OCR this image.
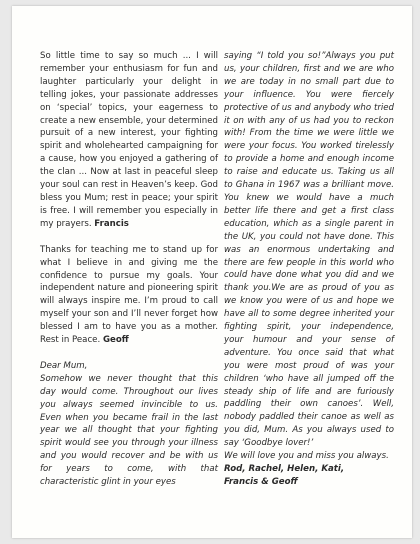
So little time to say so much ... I will remember your enthusiasm for fun and laughter particularly your delight in telling jokes, your passionate addresses on ‘special’ topics, your eagerness to create a new ensemble, your determined pursuit of a new interest, your fighting spirit and wholehearted campaigning for a cause, how you enjoyed a gathering of the clan ... Now at last in peaceful sleep your soul can rest in Heaven’s keep. God bless you Mum; rest in peace; your spirit is free. I will remember you especially in my prayers. Francis

Thanks for teaching me to stand up for what I believe in and giving me the confidence to pursue my goals. Your independent nature and pioneering spirit will always inspire me. I’m proud to call myself your son and I’ll never forget how blessed I am to have you as a mother. Rest in Peace. Geoff

Dear Mum,

Somehow we never thought that this day would come. Throughout our lives you always seemed invincible to us. Even when you became frail in the last year we all thought that your fighting spirit would see you through your illness and you would recover and be with us for years to come, with that characteristic glint in your eyes

saying “I told you so!”Always you put us, your children, first and we are who we are today in no small part due to your influence. You were fiercely protective of us and anybody who tried it on with any of us had you to reckon with! From the time we were little we were your focus. You worked tirelessly to provide a home and enough income to raise and educate us. Taking us all to Ghana in 1967 was a brilliant move. You knew we would have a much better life there and get a first class education, which as a single parent in the UK, you could not have done. This was an enormous undertaking and there are few people in this world who could have done what you did and we thank you.We are as proud of you as we know you were of us and hope we have all to some degree inherited your fighting spirit, your independence, your humour and your sense of adventure. You once said that what you were most proud of was your children ‘who have all jumped off the steady ship of life and are furiously paddling their own canoes’. Well, nobody paddled their canoe as well as you did, Mum. As you always used to say ‘Goodbye lover!’

We will love you and miss you always.

Rod, Rachel, Helen, Kati,

Francis & Geoff
